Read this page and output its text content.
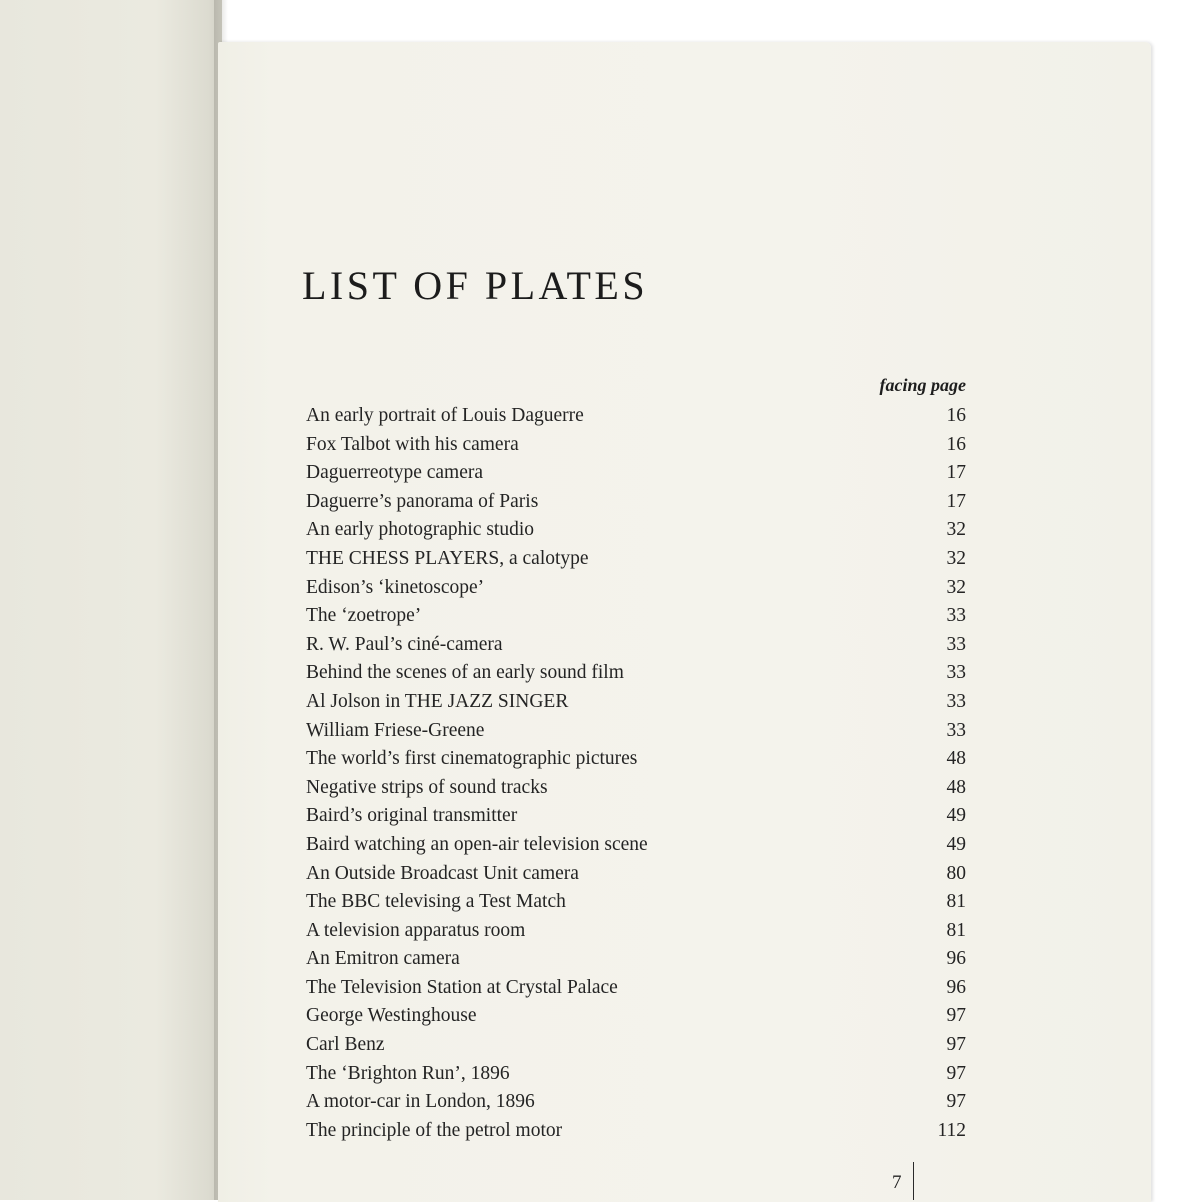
LIST OF PLATES
facing page
An early portrait of Louis Daguerre	16
Fox Talbot with his camera	16
Daguerreotype camera	17
Daguerre’s panorama of Paris	17
An early photographic studio	32
THE CHESS PLAYERS, a calotype	32
Edison’s ‘kinetoscope’	32
The ‘zoetrope’	33
R. W. Paul’s ciné-camera	33
Behind the scenes of an early sound film	33
Al Jolson in THE JAZZ SINGER	33
William Friese-Greene	33
The world’s first cinematographic pictures	48
Negative strips of sound tracks	48
Baird’s original transmitter	49
Baird watching an open-air television scene	49
An Outside Broadcast Unit camera	80
The BBC televising a Test Match	81
A television apparatus room	81
An Emitron camera	96
The Television Station at Crystal Palace	96
George Westinghouse	97
Carl Benz	97
The ‘Brighton Run’, 1896	97
A motor-car in London, 1896	97
The principle of the petrol motor	112
7
